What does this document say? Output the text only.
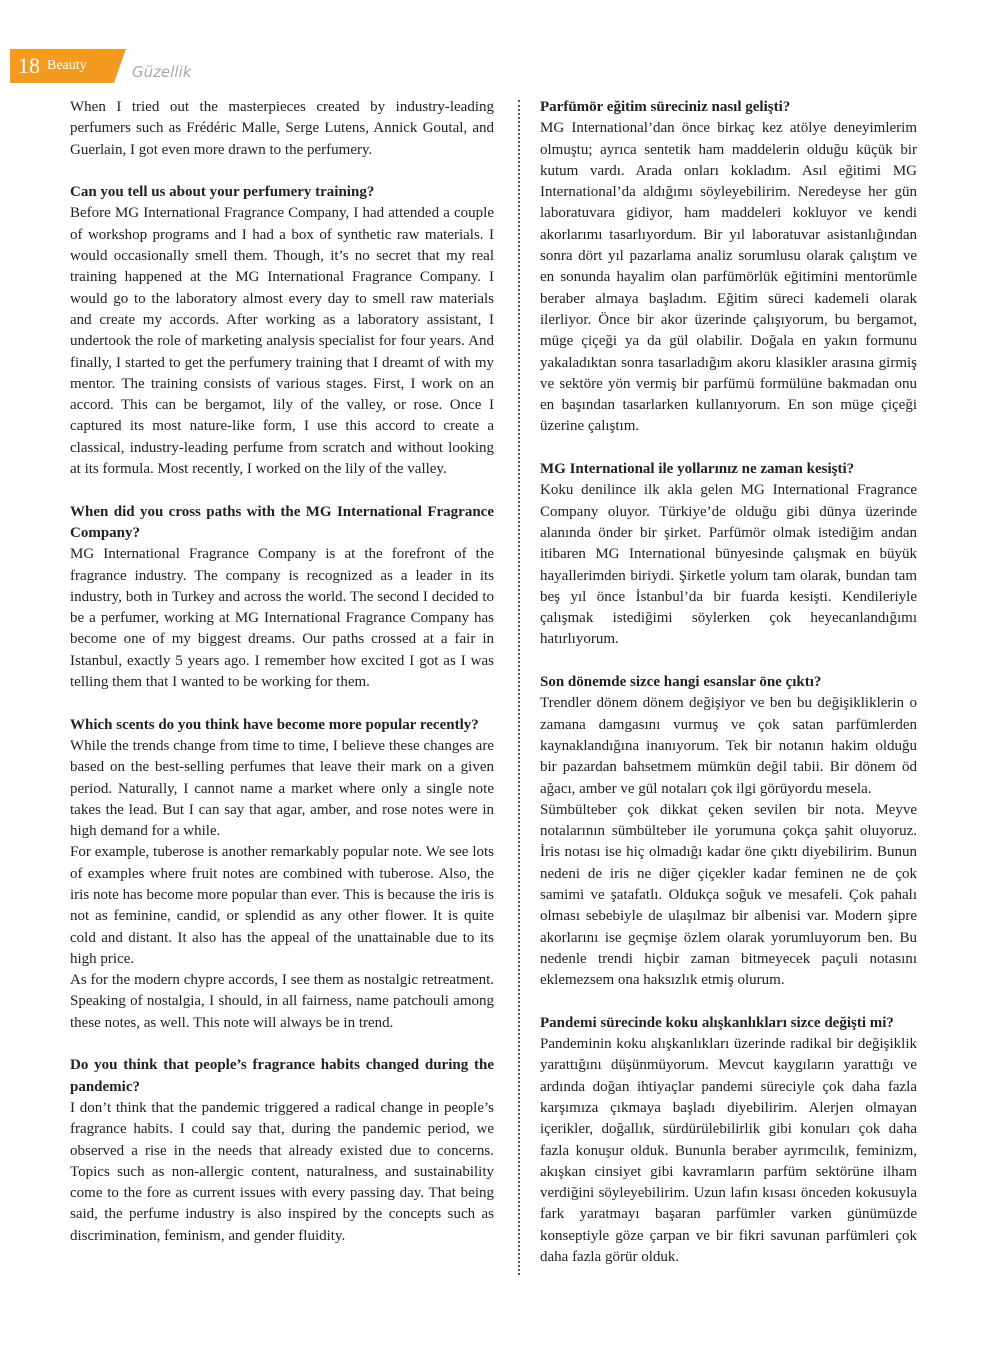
18 Beauty	Güzellik

When I tried out the masterpieces created by industry-leading perfumers such as Frédéric Malle, Serge Lutens, Annick Goutal, and Guerlain, I got even more drawn to the perfumery.

Can you tell us about your perfumery training?

Before MG International Fragrance Company, I had attended a couple of workshop programs and I had a box of synthetic raw materials. I would occasionally smell them. Though, it’s no secret that my real training happened at the MG International Fragrance Company. I would go to the laboratory almost every day to smell raw materials and create my accords. After working as a laboratory assistant, I undertook the role of marketing analysis specialist for four years. And finally, I started to get the perfumery training that I dreamt of with my mentor. The training consists of various stages. First, I work on an accord. This can be bergamot, lily of the valley, or rose. Once I captured its most nature-like form, I use this accord to create a classical, industry-leading perfume from scratch and without looking at its formula. Most recently, I worked on the lily of the valley.

When did you cross paths with the MG International Fragrance Company?

MG International Fragrance Company is at the forefront of the fragrance industry. The company is recognized as a leader in its industry, both in Turkey and across the world. The second I decided to be a perfumer, working at MG International Fragrance Company has become one of my biggest dreams. Our paths crossed at a fair in Istanbul, exactly 5 years ago. I remember how excited I got as I was telling them that I wanted to be working for them.

Which scents do you think have become more popular recently?

While the trends change from time to time, I believe these changes are based on the best-selling perfumes that leave their mark on a given period. Naturally, I cannot name a market where only a single note takes the lead. But I can say that agar, amber, and rose notes were in high demand for a while.

For example, tuberose is another remarkably popular note. We see lots of examples where fruit notes are combined with tuberose. Also, the iris note has become more popular than ever. This is because the iris is not as feminine, candid, or splendid as any other flower. It is quite cold and distant. It also has the appeal of the unattainable due to its high price.

As for the modern chypre accords, I see them as nostalgic retreatment. Speaking of nostalgia, I should, in all fairness, name patchouli among these notes, as well. This note will always be in trend.

Do you think that people’s fragrance habits changed during the pandemic?

I don’t think that the pandemic triggered a radical change in people’s fragrance habits. I could say that, during the pandemic period, we observed a rise in the needs that already existed due to concerns. Topics such as non-allergic content, naturalness, and sustainability come to the fore as current issues with every passing day. That being said, the perfume industry is also inspired by the concepts such as discrimination, feminism, and gender fluidity.

Parfümör eğitim süreciniz nasıl gelişti?

MG International’dan önce birkaç kez atölye deneyimlerim olmuştu; ayrıca sentetik ham maddelerin olduğu küçük bir kutum vardı. Arada onları kokladım. Asıl eğitimi MG International’da aldığımı söyleyebilirim. Neredeyse her gün laboratuvara gidiyor, ham maddeleri kokluyor ve kendi akorlarımı tasarlıyordum. Bir yıl laboratuvar asistanlığından sonra dört yıl pazarlama analiz sorumlusu olarak çalıştım ve en sonunda hayalim olan parfümörlük eğitimini mentorümle beraber almaya başladım. Eğitim süreci kademeli olarak ilerliyor. Önce bir akor üzerinde çalışıyorum, bu bergamot, müge çiçeği ya da gül olabilir. Doğala en yakın formunu yakaladıktan sonra tasarladığım akoru klasikler arasına girmiş ve sektöre yön vermiş bir parfümü formülüne bakmadan onu en başından tasarlarken kullanıyorum. En son müge çiçeği üzerine çalıştım.

MG International ile yollarınız ne zaman kesişti?

Koku denilince ilk akla gelen MG International Fragrance Company oluyor. Türkiye’de olduğu gibi dünya üzerinde alanında önder bir şirket. Parfümör olmak istediğim andan itibaren MG International bünyesinde çalışmak en büyük hayallerimden biriydi. Şirketle yolum tam olarak, bundan tam beş yıl önce İstanbul’da bir fuarda kesişti. Kendileriyle çalışmak istediğimi söylerken çok heyecanlandığımı hatırlıyorum.

Son dönemde sizce hangi esanslar öne çıktı?

Trendler dönem dönem değişiyor ve ben bu değişikliklerin o zamana damgasını vurmuş ve çok satan parfümlerden kaynaklandığına inanıyorum. Tek bir notanın hakim olduğu bir pazardan bahsetmem mümkün değil tabii. Bir dönem öd ağacı, amber ve gül notaları çok ilgi görüyordu mesela.

Sümbülteber çok dikkat çeken sevilen bir nota. Meyve notalarının sümbülteber ile yorumuna çokça şahit oluyoruz. İris notası ise hiç olmadığı kadar öne çıktı diyebilirim. Bunun nedeni de iris ne diğer çiçekler kadar feminen ne de çok samimi ve şatafatlı. Oldukça soğuk ve mesafeli. Çok pahalı olması sebebiyle de ulaşılmaz bir albenisi var. Modern şipre akorlarını ise geçmişe özlem olarak yorumluyorum ben. Bu nedenle trendi hiçbir zaman bitmeyecek paçuli notasını eklemezsem ona haksızlık etmiş olurum.

Pandemi sürecinde koku alışkanlıkları sizce değişti mi?

Pandeminin koku alışkanlıkları üzerinde radikal bir değişiklik yarattığını düşünmüyorum. Mevcut kaygıların yarattığı ve ardında doğan ihtiyaçlar pandemi süreciyle çok daha fazla karşımıza çıkmaya başladı diyebilirim. Alerjen olmayan içerikler, doğallık, sürdürülebilirlik gibi konuları çok daha fazla konuşur olduk. Bununla beraber ayrımcılık, feminizm, akışkan cinsiyet gibi kavramların parfüm sektörüne ilham verdiğini söyleyebilirim. Uzun lafın kısası önceden kokusuyla fark yaratmayı başaran parfümler varken günümüzde konseptiyle göze çarpan ve bir fikri savunan parfümleri çok daha fazla görür olduk.
